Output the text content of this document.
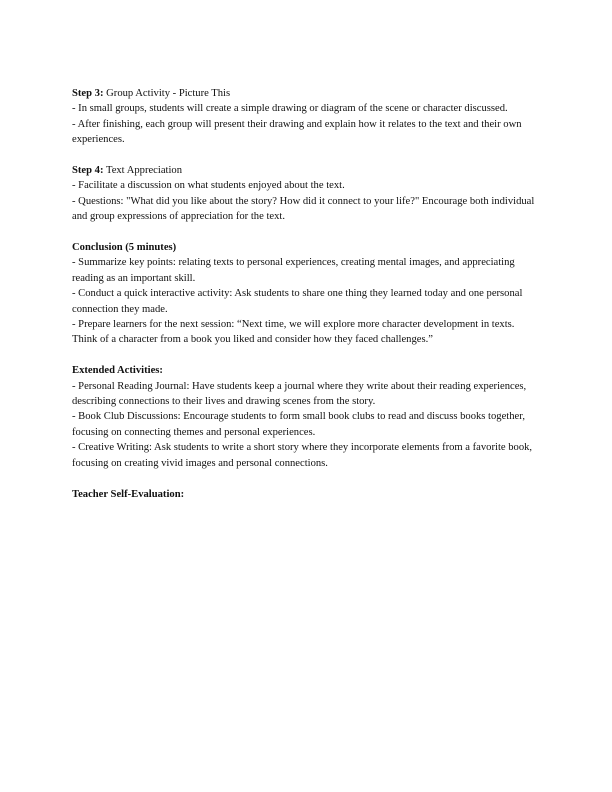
Step 3: Group Activity - Picture This

- In small groups, students will create a simple drawing or diagram of the scene or character discussed.

- After finishing, each group will present their drawing and explain how it relates to the text and their own experiences.

Step 4: Text Appreciation

- Facilitate a discussion on what students enjoyed about the text.

- Questions: "What did you like about the story? How did it connect to your life?" Encourage both individual and group expressions of appreciation for the text.

Conclusion (5 minutes)

- Summarize key points: relating texts to personal experiences, creating mental images, and appreciating reading as an important skill.

- Conduct a quick interactive activity: Ask students to share one thing they learned today and one personal connection they made.

- Prepare learners for the next session: “Next time, we will explore more character development in texts. Think of a character from a book you liked and consider how they faced challenges.”

Extended Activities:

- Personal Reading Journal: Have students keep a journal where they write about their reading experiences, describing connections to their lives and drawing scenes from the story.

- Book Club Discussions: Encourage students to form small book clubs to read and discuss books together, focusing on connecting themes and personal experiences.

- Creative Writing: Ask students to write a short story where they incorporate elements from a favorite book, focusing on creating vivid images and personal connections.

Teacher Self-Evaluation:
